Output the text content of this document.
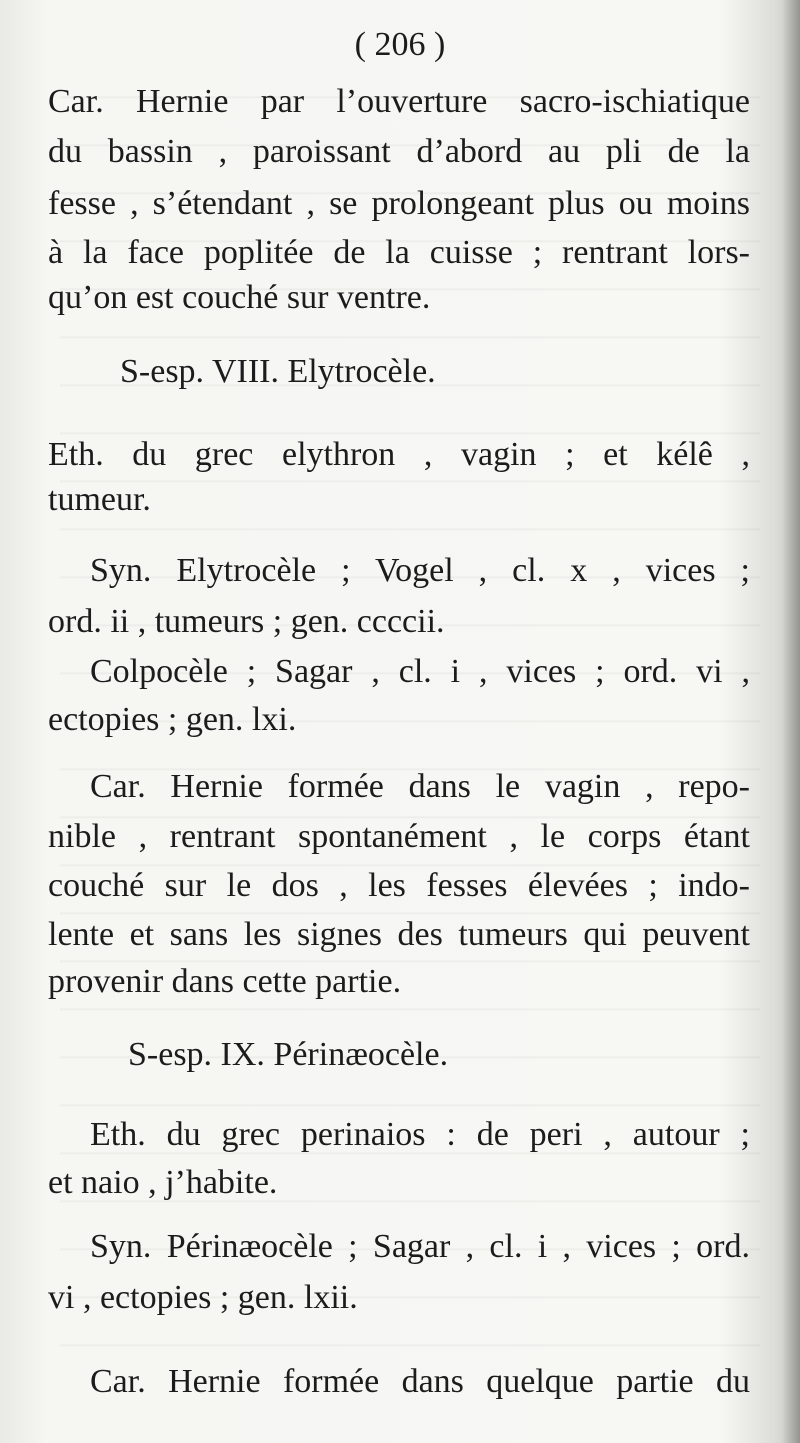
( 206 )
Car. Hernie par l’ouverture sacro-ischiatique
du bassin , paroissant d’abord au pli de la
fesse , s’étendant , se prolongeant plus ou moins
à la face poplitée de la cuisse ; rentrant lors-
qu’on est couché sur ventre.
S-esp. VIII. Elytrocèle.
Eth. du grec elythron , vagin ; et kélê ,
tumeur.
Syn. Elytrocèle ; Vogel , cl. x , vices ;
ord. ii , tumeurs ; gen. ccccii.
Colpocèle ; Sagar , cl. i , vices ; ord. vi ,
ectopies ; gen. lxi.
Car. Hernie formée dans le vagin , repo-
nible , rentrant spontanément , le corps étant
couché sur le dos , les fesses élevées ; indo-
lente et sans les signes des tumeurs qui peuvent
provenir dans cette partie.
S-esp. IX. Périnæocèle.
Eth. du grec perinaios : de peri , autour ;
et naio , j’habite.
Syn. Périnæocèle ; Sagar , cl. i , vices ; ord.
vi , ectopies ; gen. lxii.
Car. Hernie formée dans quelque partie du
